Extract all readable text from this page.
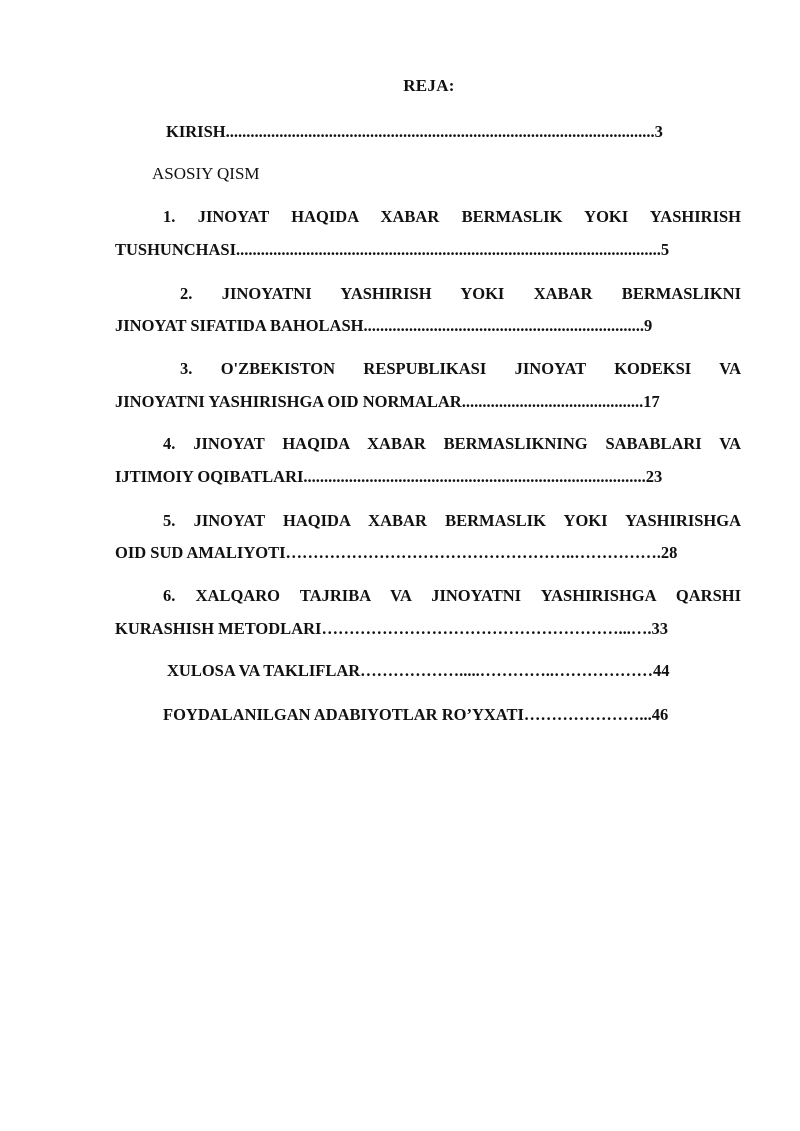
REJA:
KIRISH........................................................................................................3
ASOSIY QISM
1. JINOYAT HAQIDA XABAR BERMASLIK YOKI YASHIRISH
TUSHUNCHASI.......................................................................................................5
2. JINOYATNI YASHIRISH YOKI XABAR BERMASLIKNI
JINOYAT SIFATIDA BAHOLASH....................................................................9
3. O'ZBEKISTON RESPUBLIKASI JINOYAT KODEKSI VA
JINOYATNI YASHIRISHGA OID NORMALAR............................................17
4. JINOYAT HAQIDA XABAR BERMASLIKNING SABABLARI VA
IJTIMOIY OQIBATLARI...................................................................................23
5. JINOYAT HAQIDA XABAR BERMASLIK YOKI YASHIRISHGA
OID SUD AMALIYOTI……………………………………………..…………….28
6. XALQARO TAJRIBA VA JINOYATNI YASHIRISHGA QARSHI
KURASHISH METODLARI………………………………………………...….33
XULOSA VA TAKLIFLAR……………….....…………..………………44
FOYDALANILGAN ADABIYOTLAR RO’YXATI…………………...46
